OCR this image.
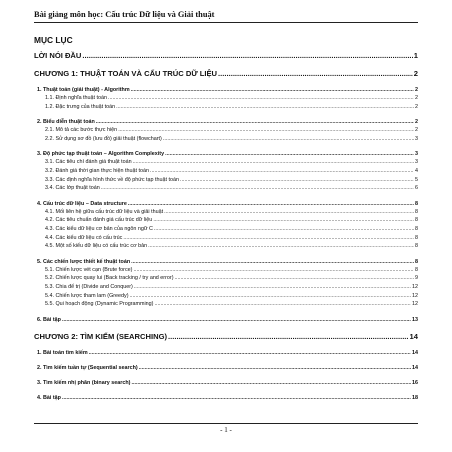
Bài giảng môn học: Cấu trúc Dữ liệu và Giải thuật
MỤC LỤC
LỜI NÓI ĐẦU .....	1
CHƯƠNG 1: THUẬT TOÁN VÀ CẤU TRÚC DỮ LIỆU .....	2
1. Thuật toán (giải thuật) - Algorithm .....	2
1.1. Định nghĩa thuật toán .....	2
1.2. Đặc trưng của thuật toán .....	2
2. Biểu diễn thuật toán .....	2
2.1. Mô tả các bước thực hiện .....	2
2.2. Sử dụng sơ đồ (lưu đồ) giải thuật (flowchart) .....	3
3. Độ phức tạp thuật toán – Algorithm Complexity .....	3
3.1. Các tiêu chí đánh giá thuật toán .....	3
3.2. Đánh giá thời gian thực hiện thuật toán .....	4
3.3. Các định nghĩa hình thức về độ phức tạp thuật toán .....	5
3.4. Các lớp thuật toán .....	6
4. Cấu trúc dữ liệu – Data structure .....	8
4.1. Mối liên hệ giữa cấu trúc dữ liệu và giải thuật .....	8
4.2. Các tiêu chuẩn đánh giá cấu trúc dữ liệu .....	8
4.3. Các kiểu dữ liệu cơ bản của ngôn ngữ C .....	8
4.4. Các kiểu dữ liệu có cấu trúc .....	8
4.5. Một số kiểu dữ liệu có cấu trúc cơ bản .....	8
5. Các chiến lược thiết kế thuật toán .....	8
5.1. Chiến lược vét cạn (Brute force) .....	8
5.2. Chiến lược quay lui (Back tracking / try and error) .....	9
5.3. Chia để trị (Divide and Conquer) .....	12
5.4. Chiến lược tham lam (Greedy) .....	12
5.5. Qui hoạch động (Dynamic Programming) .....	12
6. Bài tập .....	13
CHƯƠNG 2: TÌM KIẾM (SEARCHING) .....	14
1. Bài toán tìm kiếm .....	14
2. Tìm kiếm tuần tự (Sequential search) .....	14
3. Tìm kiếm nhị phân (binary search) .....	16
4. Bài tập .....	18
- 1 -
